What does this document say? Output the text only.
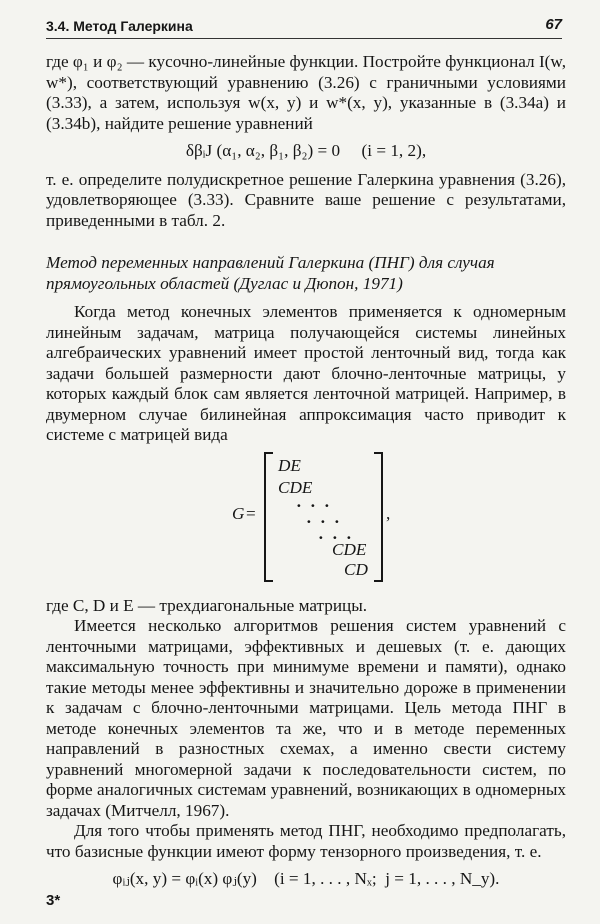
3.4. Метод Галеркина	67

где φ₁ и φ₂ — кусочно-линейные функции. Постройте функционал I(w, w*), соответствующий уравнению (3.26) с граничными условиями (3.33), а затем, используя w(x, y) и w*(x, y), указанные в (3.34а) и (3.34b), найдите решение уравнений

δβᵢJ (α₁, α₂, β₁, β₂) = 0     (i = 1, 2),

т. е. определите полудискретное решение Галеркина уравнения (3.26), удовлетворяющее (3.33). Сравните ваше решение с результатами, приведенными в табл. 2.

Метод переменных направлений Галеркина (ПНГ) для случая прямоугольных областей (Дуглас и Дюпон, 1971)

Когда метод конечных элементов применяется к одномерным линейным задачам, матрица получающейся системы линейных алгебраических уравнений имеет простой ленточный вид, тогда как задачи большей размерности дают блочно-ленточные матрицы, у которых каждый блок сам является ленточной матрицей. Например, в двумерном случае билинейная аппроксимация часто приводит к системе с матрицей вида

G =
DE
CDE
· · ·
· · ·
· · ·
CDE
CD
,

где C, D и E — трехдиагональные матрицы.

Имеется несколько алгоритмов решения систем уравнений с ленточными матрицами, эффективных и дешевых (т. е. дающих максимальную точность при минимуме времени и памяти), однако такие методы менее эффективны и значительно дороже в применении к задачам с блочно-ленточными матрицами. Цель метода ПНГ в методе конечных элементов та же, что и в методе переменных направлений в разностных схемах, а именно свести систему уравнений многомерной задачи к последовательности систем, по форме аналогичных системам уравнений, возникающих в одномерных задачах (Митчелл, 1967).

Для того чтобы применять метод ПНГ, необходимо предполагать, что базисные функции имеют форму тензорного произведения, т. е.

φᵢⱼ(x, y) = φᵢ(x) φⱼ(y)    (i = 1, . . . , Nₓ;  j = 1, . . . , N_y).
3*
